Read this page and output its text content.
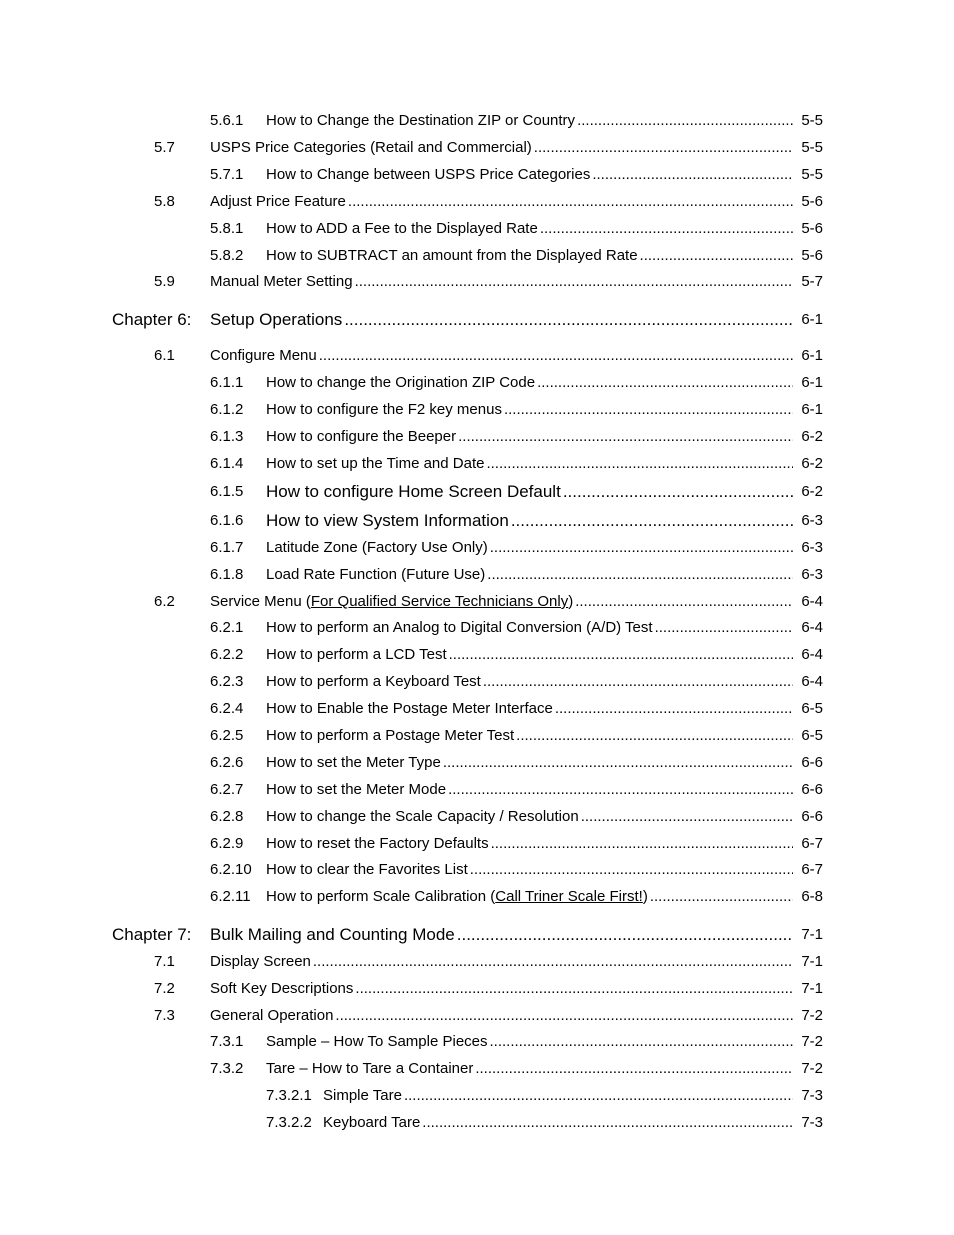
5.6.1 How to Change the Destination ZIP or Country .....	5-5
5.7 USPS Price Categories (Retail and Commercial) .....	5-5
5.7.1 How to Change between USPS Price Categories .....	5-5
5.8 Adjust Price Feature .....	5-6
5.8.1 How to ADD a Fee to the Displayed Rate .....	5-6
5.8.2 How to SUBTRACT an amount from the Displayed Rate .....	5-6
5.9 Manual Meter Setting .....	5-7
Chapter 6: Setup Operations .....	6-1
6.1 Configure Menu .....	6-1
6.1.1 How to change the Origination ZIP Code .....	6-1
6.1.2 How to configure the F2 key menus .....	6-1
6.1.3 How to configure the Beeper .....	6-2
6.1.4 How to set up the Time and Date .....	6-2
6.1.5 How to configure Home Screen Default .....	6-2
6.1.6 How to view System Information .....	6-3
6.1.7 Latitude Zone (Factory Use Only) .....	6-3
6.1.8 Load Rate Function (Future Use) .....	6-3
6.2 Service Menu (For Qualified Service Technicians Only) .....	6-4
6.2.1 How to perform an Analog to Digital Conversion (A/D) Test .....	6-4
6.2.2 How to perform a LCD Test .....	6-4
6.2.3 How to perform a Keyboard Test .....	6-4
6.2.4 How to Enable the Postage Meter Interface .....	6-5
6.2.5 How to perform a Postage Meter Test .....	6-5
6.2.6 How to set the Meter Type .....	6-6
6.2.7 How to set the Meter Mode .....	6-6
6.2.8 How to change the Scale Capacity / Resolution .....	6-6
6.2.9 How to reset the Factory Defaults .....	6-7
6.2.10 How to clear the Favorites List .....	6-7
6.2.11 How to perform Scale Calibration (Call Triner Scale First!) .....	6-8
Chapter 7: Bulk Mailing and Counting Mode .....	7-1
7.1 Display Screen .....	7-1
7.2 Soft Key Descriptions .....	7-1
7.3 General Operation .....	7-2
7.3.1 Sample – How To Sample Pieces .....	7-2
7.3.2 Tare – How to Tare a Container .....	7-2
7.3.2.1 Simple Tare .....	7-3
7.3.2.2 Keyboard Tare .....	7-3
